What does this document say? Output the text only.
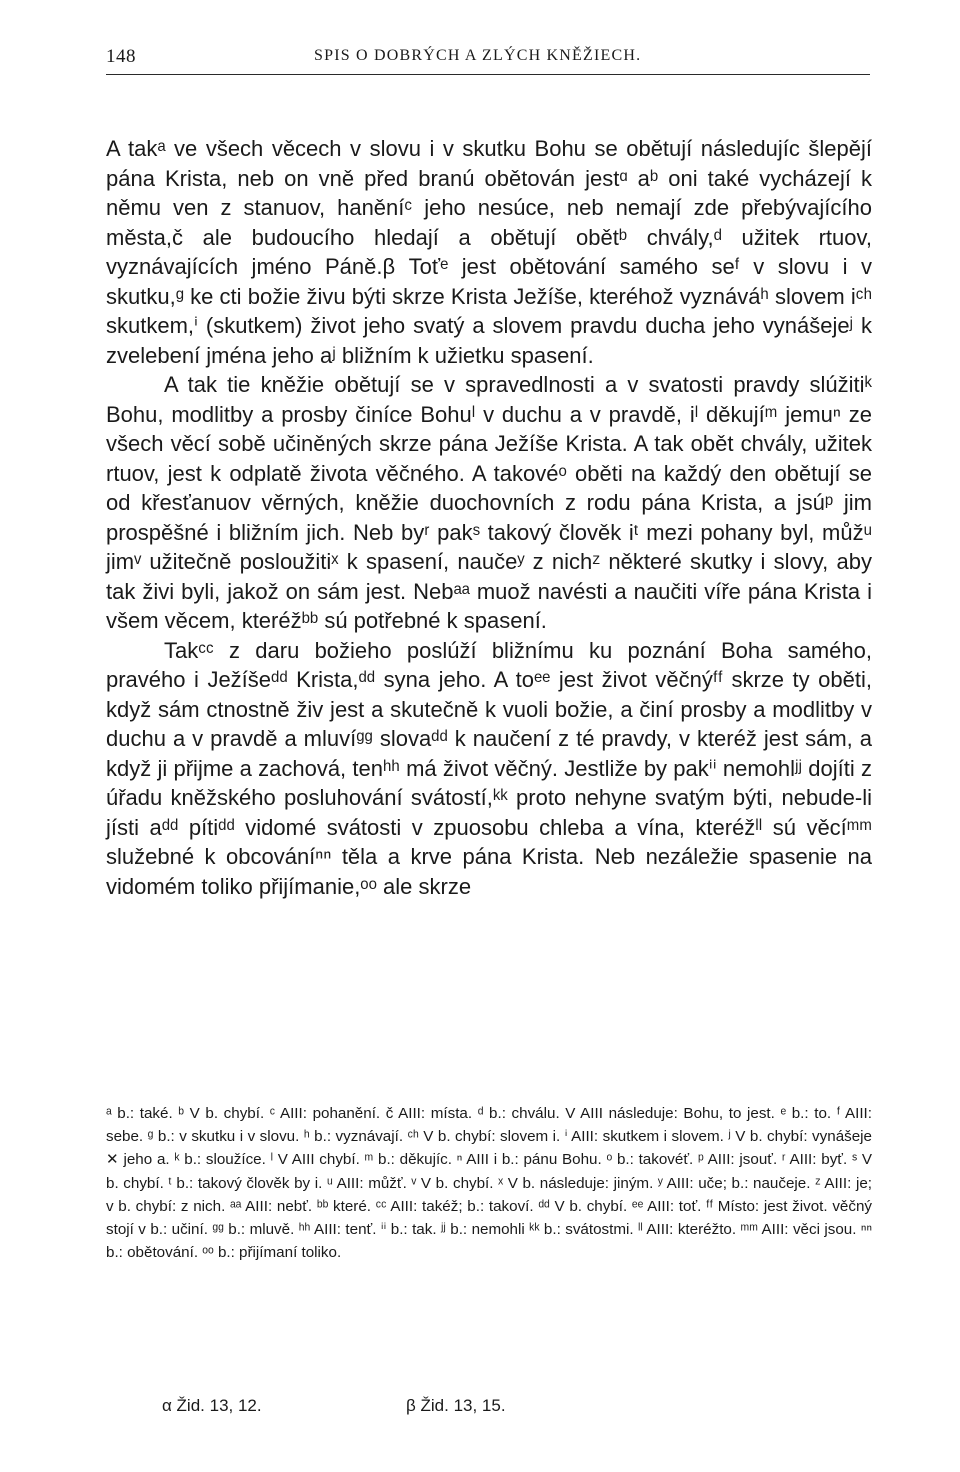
148	SPIS O DOBRÝCH A ZLÝCH KNĚŽIECH.

A takᵃ ve všech věcech v slovu i v skutku Bohu se obětují následujíc šlepějí pána Krista, neb on vně před branú obětován jestᵅ aᵇ oni také vycházejí k němu ven z stanuov, haněníᶜ jeho nesúce, neb nemají zde přebývajícího města,č ale budoucího hledají a obětují obětᵇ chvály,ᵈ užitek rtuov, vyznávajících jméno Páně.β Toťᵉ jest obětování samého seᶠ v slovu i v skutku,ᵍ ke cti božie živu býti skrze Krista Ježíše, kteréhož vyznáváʰ slovem iᶜʰ skutkem,ⁱ (skutkem) život jeho svatý a slovem pravdu ducha jeho vynášejeʲ k zvelebení jména jeho aʲ bližním k užietku spasení.

A tak tie kněžie obětují se v spravedlnosti a v svatosti pravdy slúžitiᵏ Bohu, modlitby a prosby činíce Bohuˡ v duchu a v pravdě, iˡ děkujíᵐ jemuⁿ ze všech věcí sobě učiněných skrze pána Ježíše Krista. A tak obět chvály, užitek rtuov, jest k odplatě života věčného. A takovéᵒ oběti na každý den obětují se od křesťanuov věrných, kněžie duochovních z rodu pána Krista, a jsúᵖ jim prospěšné i bližním jich. Neb byʳ pakˢ takový člověk iᵗ mezi pohany byl, můžᵘ jimᵛ užitečně posloužitiˣ k spasení, naučeʸ z nichᶻ některé skutky i slovy, aby tak živi byli, jakož on sám jest. Nebᵃᵃ muož navésti a naučiti víře pána Krista i všem věcem, kteréžᵇᵇ sú potřebné k spasení.

Takᶜᶜ z daru božieho poslúží bližnímu ku poznání Boha samého, pravého i Ježíšeᵈᵈ Krista,ᵈᵈ syna jeho. A toᵉᵉ jest život věčnýᶠᶠ skrze ty oběti, když sám ctnostně živ jest a skutečně k vuoli božie, a činí prosby a modlitby v duchu a v pravdě a mluvíᵍᵍ slovaᵈᵈ k naučení z té pravdy, v kteréž jest sám, a když ji přijme a zachová, tenʰʰ má život věčný. Jestliže by pakⁱⁱ nemohlʲʲ dojíti z úřadu kněžského posluhování svátostí,ᵏᵏ proto nehyne svatým býti, nebude-li jísti aᵈᵈ pítiᵈᵈ vidomé svátosti v zpuosobu chleba a vína, kteréžˡˡ sú věcíᵐᵐ služebné k obcováníⁿⁿ těla a krve pána Krista. Neb nezáležie spasenie na vidomém toliko přijímanie,ᵒᵒ ale skrze

ᵃ b.: také. ᵇ V b. chybí. ᶜ AIII: pohanění. č AIII: místa. ᵈ b.: chválu. V AIII následuje: Bohu, to jest. ᵉ b.: to. ᶠ AIII: sebe. ᵍ b.: v skutku i v slovu. ʰ b.: vyznávají. ᶜʰ V b. chybí: slovem i. ⁱ AIII: skutkem i slovem. ʲ V b. chybí: vynášeje ✕ jeho a. ᵏ b.: sloužíce. ˡ V AIII chybí. ᵐ b.: děkujíc. ⁿ AIII i b.: pánu Bohu. ᵒ b.: takovéť. ᵖ AIII: jsouť. ʳ AIII: byť. ˢ V b. chybí. ᵗ b.: takový člověk by i. ᵘ AIII: můžť. ᵛ V b. chybí. ˣ V b. následuje: jiným. ʸ AIII: uče; b.: naučeje. ᶻ AIII: je; v b. chybí: z nich. ᵃᵃ AIII: nebť. ᵇᵇ které. ᶜᶜ AIII: takéž; b.: takoví. ᵈᵈ V b. chybí. ᵉᵉ AIII: toť. ᶠᶠ Místo: jest život. věčný stojí v b.: učiní. ᵍᵍ b.: mluvě. ʰʰ AIII: tenť. ⁱⁱ b.: tak. ʲʲ b.: nemohli ᵏᵏ b.: svátostmi. ˡˡ AIII: kteréžto. ᵐᵐ AIII: věci jsou. ⁿⁿ b.: obětování. ᵒᵒ b.: přijímaní toliko.
α Žid. 13, 12.	β Žid. 13, 15.
